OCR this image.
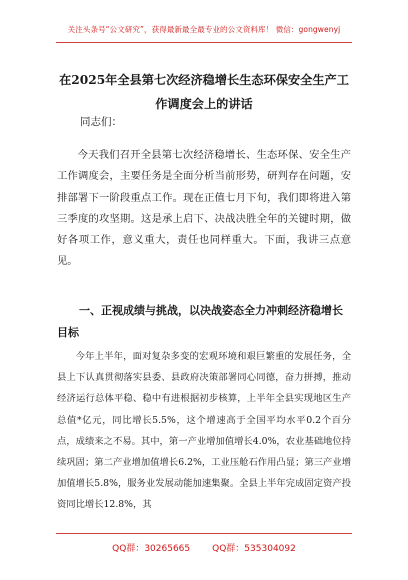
关注头条号“公文研究”，获得最新最全最专业的公文资料库！ 微信：gongwenyj
在2025年全县第七次经济稳增长生态环保安全生产工作调度会上的讲话

同志们：

今天我们召开全县第七次经济稳增长、生态环保、安全生产工作调度会，主要任务是全面分析当前形势，研判存在问题，安排部署下一阶段重点工作。现在正值七月下旬，我们即将进入第三季度的攻坚期。这是承上启下、决战决胜全年的关键时期，做好各项工作，意义重大，责任也同样重大。下面，我讲三点意见。

一、正视成绩与挑战，以决战姿态全力冲刺经济稳增长目标

今年上半年，面对复杂多变的宏观环境和艰巨繁重的发展任务，全县上下认真贯彻落实县委、县政府决策部署同心同德，奋力拼搏，推动经济运行总体平稳、稳中有进根据初步核算，上半年全县实现地区生产总值*亿元，同比增长5.5%，这个增速高于全国平均水平0.2个百分点，成绩来之不易。其中，第一产业增加值增长4.0%，农业基础地位持续巩固；第二产业增加值增长6.2%，工业压舱石作用凸显；第三产业增加值增长5.8%，服务业发展动能加速集聚。全县上半年完成固定资产投资同比增长12.8%，其

QQ群：30265665 QQ群：535304092
